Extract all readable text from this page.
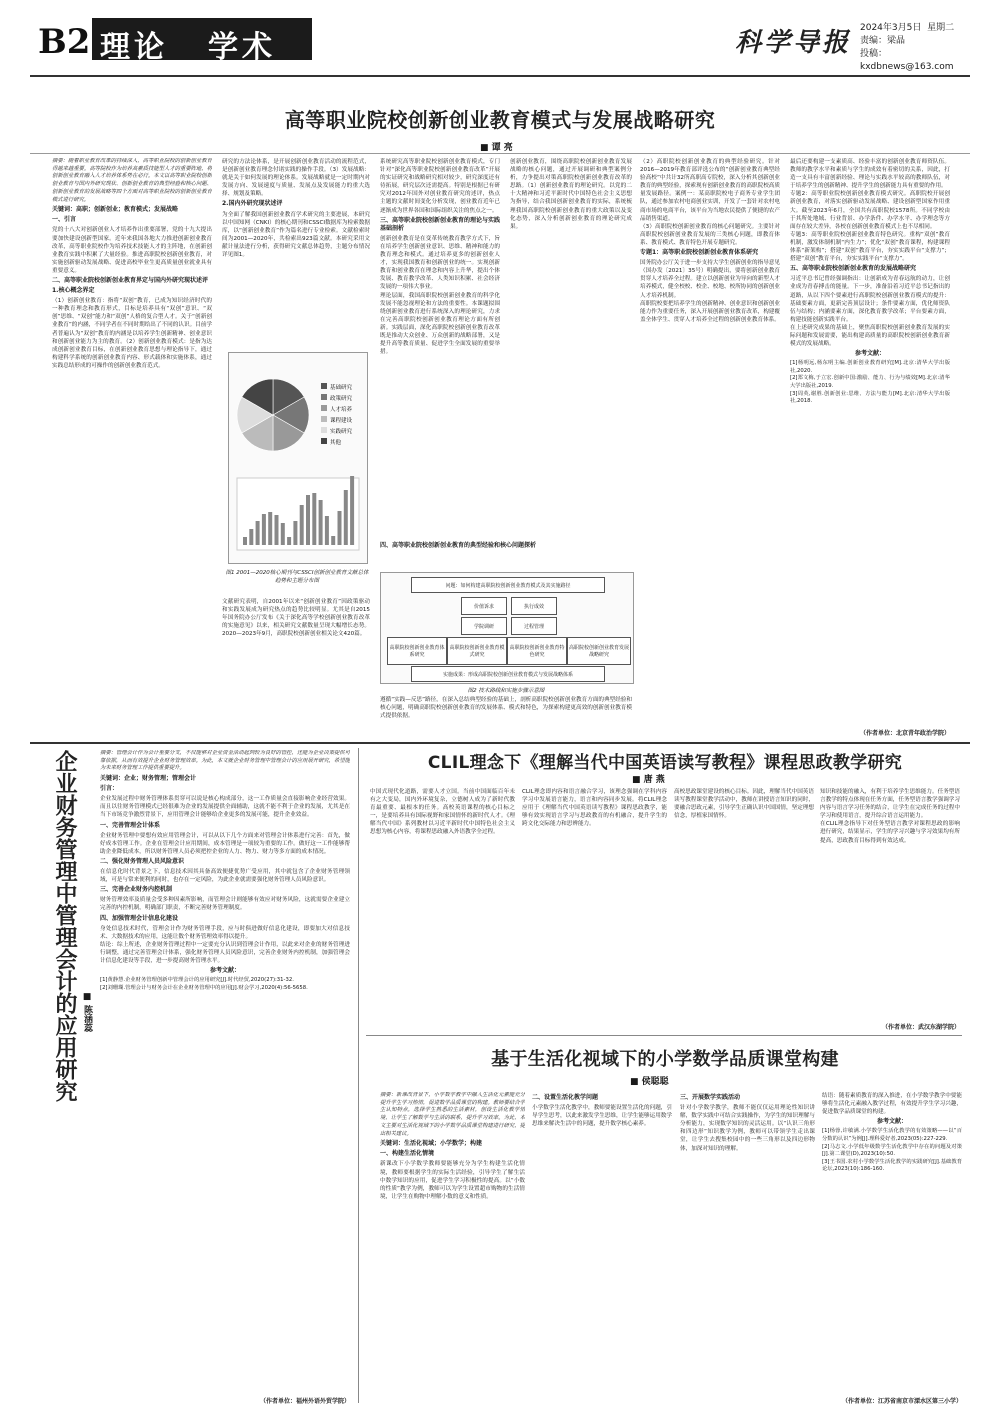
B2 理论 学术	科学导报 2024年3月5日 星期二
责编：梁晶
投稿：kxdbnews@163.com
高等职业院校创新创业教育模式与发展战略研究
■ 谭 亮
摘要：随着职业教育改革的持续深入，高等职业院校的创新创业教育得越来越重要。高等院校作为培养高素质技能型人才的重要阵地，将创新创业教育融入人才培养体系势在必行。本文以高等职业院校创新创业教育与国内外研究现状、创新创业教育的典型经验和核心问题、创新创业教育的发展战略等四个方面对高等职业院校的创新创业教育模式进行研究。
关键词：高职；创新创业；教育模式；发展战略
一、引言
党的十八大对创新创业人才培养作出重要部署，党的十九大提出要加快建设创新型国家。近年来我国各地大力推进创新创业教育改革，高等职业院校作为培养技术技能人才的主阵地，在创新创业教育实践中积累了大量经验。推进高职院校创新创业教育，对实施创新驱动发展战略、促进高校毕业生更高质量创业就业具有重要意义。
二、高等职业院校创新创业教育界定与国内外研究现状述评
1.核心概念界定
（1）创新创业教育：指将“双创”教育，已成为知识经济时代的一种教育理念和教育形式，目标是培养具有“双创”意识、“双创”思维、“双创”能力和“双创”人格的复合型人才。关于“创新创业教育”的内涵，不同学者在不同时期给出了不同的认识。目前学者普遍认为“双创”教育的内涵是以培养学生创新精神、创业意识和创新创业能力为主的教育。（2）创新创业教育模式：是指为达成创新创业教育目标，在创新创业教育思想与理论指导下，通过构建科学系统的创新创业教育内容、形式载体和实施体系，通过实践总结形成的可操作的创新创业教育范式。
研究的方法论体系，是开展创新创业教育活动的流程范式，是创新创业教育理念付诸实践的操作手段。（3）发展战略：就是关于如何发展的理论体系。发展战略就是一定时期内对发展方向、发展速度与质量、发展点及发展能力的重大选择、规划及策略。
2.国内外研究现状述评
为全面了解我国创新创业教育学术研究的主要进展，本研究以中国知网（CNKI）的核心期刊和CSSCI数据库为检索数据库，以“创新创业教育”作为篇名进行专业检索。文献检索时间为2001—2020年，共检索出923篇文献。本研究采用文献计量法进行分析，获得研究文献总体趋势，主题分布情况详见图1。
基础研究
政策研究
人才培养
课程建设
实践研究
其他
图1 2001—2020核心期刊与CSSCI创新创业教育文献总体趋势和主题分布图
文献研究表明，自2001年以来“创新创业教育”因政策驱动和实践发展成为研究热点的趋势比较明显。尤其是自2015年国务院办公厅发布《关于深化高等学校创新创业教育改革的实施意见》以来，相关研究文献数量呈现大幅增长态势。2020—2023年9月，高职院校创新创业相关论文420篇。
系统研究高等职业院校创新创业教育模式，专门针对“深化高等职业院校创新创业教育改革”开展的实证研究和战略研究相对较少，研究深度还有待拓展，研究层次还需提高。特别是根据已有研究对2012年国外对创业教育研究的述评，热点主题的文献时间变化分析发现，创业教育近年已逐渐成为世界各国和国际组织关注的焦点之一。
三、高等职业院校创新创业教育的理论与实践基础剖析
创新创业教育是在变革传统教育教学方式下，旨在培养学生创新创业意识、思维、精神和能力的教育理念和模式。通过培养更多的创新创业人才，实现我国教育和创新创业的统一。实现创新教育和创业教育在理念和内容上升华，提出个体发展、教育教学改革、人类知识积累、社会经济发展的一项伟大事业。
理论层面，我国高职院校创新创业教育的科学化发展不能忽视理论和方法的重要性。本课题拟围绕创新创业教育进行系统深入的理论研究，力求在完善高职院校创新创业教育理论方面有所创新。实践层面，深化高职院校创新创业教育改革既是推动大众创业、万众创新的战略部署，又是提升高等教育质量、促进学生全面发展的重要举措。
创新创业教育，围绕高职院校创新创业教育发展战略的核心问题，通过开展调研和典型案例分析，力争提出对策高职院校创新创业教育改革的思路。（1）创新创业教育的理论研究。以党的二十大精神和习近平新时代中国特色社会主义思想为指导，结合我国创新创业教育的实际，系统梳理我国高职院校创新创业教育的重大政策以及变化态势，深入分析创新创业教育的理论研究成果。
四、高等职业院校创新创业教育的典型经验和核心问题探析
问题：如何构建高职院校创新创业教育模式及其实施路径
价值诉求	执行成效
学院调研	过程管理
高职院校创新创业教育体系研究
高职院校创新创业教育模式研究
高职院校创新创业教育特色研究
高职院校创新创业教育发展战略研究
实施成果：形成高职院校创新创业教育模式与发展战略体系
图2 技术路线和实施步骤示意图
遵循“实践—反思”路径，在深入总结典型经验的基础上，剖析高职院校创新创业教育方面的典型经验和核心问题，明确高职院校创新创业教育的发展体系、模式和特色，为探索构建更高效的创新创业教育模式提供依据。
（2）高职院校创新创业教育的典型经验研究。针对2016—2019年教育部评选公布的“创新创业教育典型经验高校”中共计32所高职高专院校，深入分析其创新创业教育的典型经验，探索现有创新创业教育的高职院校高质量发展路径。案例一：某高职院校电子商务专业学生团队，通过参加农村电商创业实训，开发了一套针对农村电商市场的电商平台，该平台为当地农民提供了便捷的农产品销售渠道。
（3）高职院校创新创业教育的核心问题研究。主要针对高职院校创新创业教育发展的三类核心问题，即教育体系、教育模式、教育特色开展专题研究。
专题1：高等职业院校创新创业教育体系研究
国务院办公厅关于进一步支持大学生创新创业的指导意见（国办发〔2021〕35号）明确提出，要将创新创业教育贯穿人才培养全过程。建立以创新创业为导向的新型人才培养模式，健全校校、校企、校地、校所协同的创新创业人才培养机制。
高职院校要把培养学生的创新精神、创业意识和创新创业能力作为重要任务，深入开展创新创业教育改革，构建覆盖全体学生、贯穿人才培养全过程的创新创业教育体系。
最后还要构建一支素质高、经验丰富的创新创业教育师资队伍。教师的教学水平和素质与学生的成效有着密切的关系，因此，打造一支具有丰富创新经验、理论与实践水平较高的教师队伍，对于培养学生的创新精神、提升学生的创新能力具有重要的作用。
专题2：高等职业院校创新创业教育模式研究。高职院校开展创新创业教育，对落实创新驱动发展战略、建设创新型国家作用重大。截至2023年6月，全国共有高职院校1578所。不同学校由于其所处地域、行业背景、办学条件、办学水平、办学理念等方面存在较大差异，各校在创新创业教育模式上也不尽相同。
专题3：高等职业院校创新创业教育特色研究。重构“双创”教育机制，激发体制机制“内生力”；优化“双创”教育课程，构建课程体系“新架构”；搭建“双创”教育平台，夯实实践平台“支撑力”；搭建“双创”教育平台，夯实实践平台“支撑力”。
五、高等职业院校创新创业教育的发展战略研究
习近平总书记曾经强调指出：让创新成为青春远航的动力，让创业成为青春搏击的能量。下一步，准备沿着习近平总书记指出的道路，从以下四个要素进行高职院校创新创业教育模式的提升：基础要素方面，更新完善顶层设计；条件要素方面，优化师资队伍与结构；内涵要素方面，深化教育教学改革；平台要素方面，构建技能创新实践平台。
在上述研究成果的基础上，聚焦高职院校创新创业教育发展的实际问题和发展需要，能出构建高质量的高职院校创新创业教育新模式的发展战略。
参考文献：
[1]杨明远,杨东明主编.创新创业教育研究[M].北京:清华大学出版社,2020.
[2]郑文梅,于立宏.创新中国:激励、能力、行为与绩效[M].北京:清华大学出版社,2019.
[3]周英,谢胜.创新创业:思维、方法与能力[M].北京:清华大学出版社,2018.
（作者单位：北京青年政治学院）
企业财务管理中管理会计的应用研究 ■ 陈涵蕊
摘要：管理会计作为会计重要分支，不仅能够对企业资金活动起到较为良好的管控，还能为企业决策提供可靠依据，从而有效提升企业财务管理效率。为此，本文就企业财务管理中管理会计的应用展开研究，希望能为未来财务管理工作提供重要提升。
关键词：企业；财务管理；管理会计
引言：
企业发展过程中财务管理体系贯穿可以说是核心构成部分，这一工作质量会直接影响企业经营效果。而且以往财务管理模式已经很难为企业的发展提供全面辅助，这就不能不利于企业的发展，尤其是在当下市场竞争激烈背景下，应用管理会计能够给企业更多的发展可能，提升企业效益。
一、完善管理会计体系
企业财务管理中要想有效应用管理会计，可以从以下几个方面来对管理会计体系进行完善：首先，做好成本管理工作。企业在管理会计应用期间，成本管理是一项较为重要的工作。做好这一工作能够帮助企业降低成本，所以财务管理人员必须把控企业的人力、物力、财力等多方面的成本情况。
二、强化财务管理人员风险意识
在信息化时代背景之下，信息技术因其具备高效便捷优势广受应用，其中就包含了企业财务管理领域，可是与常来便利的同时，也存在一定风险，为此企业就需要强化财务管理人员风险意识。
三、完善企业财务内控机制
财务管理效率及质量会受多种因素所影响，而管理会计则能够有效应对财务风险，这就需要企业建立完善的内控机制，明确部门职责，不断完善财务管理制度。
四、加强管理会计信息化建设
身处信息技术时代，管理会计作为财务管理手段，应与时俱进做好信息化建设，即要加大对信息技术、大数据技术的应用，这能让数个财务管理效率得以提升。
结论：综上所述，企业财务管理过程中一定要充分认识到管理会计作用，以此来对企业的财务管理进行调整，通过完善管理会计体系，强化财务管理人员风险意识，完善企业财务内控机制，加强管理会计信息化建设等手段，进一步提高财务管理水平。
参考文献：
[1]黄静慧.企业财务管理创新中管理会计的应用研究[J].时代经贸,2020(27):31-32.
[2]刘珊瑚.管理会计与财务会计在企业财务管理中的应用[J].财会学习,2020(4):56-5658.
（作者单位：福州外语外贸学院）
CLIL理念下《理解当代中国英语读写教程》课程思政教学研究
■ 唐 燕
中国式现代化道路，需要人才立国。当前中国面临百年未有之大变局，国内外环境复杂，立德树人成为了新时代教育最重要、最根本的任务。高校英语课程的核心目标之一，是要培养具有国际视野和家国情怀的新时代人才。《理解当代中国》系列教材以习近平新时代中国特色社会主义思想为核心内容，将课程思政融入外语教学全过程。
CLIL理念即内容和语言融合学习，该理念强调在学科内容学习中发展语言能力，语言和内容同步发展。将CLIL理念应用于《理解当代中国英语读写教程》课程思政教学，能够有效实现语言学习与思政教育的有机融合，提升学生的跨文化交际能力和思辨能力。
高校思政课堂建设的核心目标。因此，理解当代中国英语读写教程课堂教学活动中，教师在讲授语言知识的同时，要融合思政元素，引导学生正确认识中国国情，坚定理想信念，厚植家国情怀。
知识和技能的融入，有利于培养学生思维能力。任务型语言教学的特点体现在任务方面，任务型语言教学强调学习内容与语言学习任务的结合，让学生在完成任务的过程中学习和使用语言，提升综合语言运用能力。
在CLIL理念指导下对任务型语言教学对课程思政的影响进行研究，结果显示，学生的学习兴趣与学习效果均有所提高，思政教育目标得到有效达成。
（作者单位：武汉东湖学院）
基于生活化视域下的小学数学品质课堂构建
■ 侯聪聪
摘要：新课改背景下，小学数学教学中融入生活化元素能充分提升学生学习热情，促进数学品质课堂的构建。教师要结合学生认知特点，选择学生熟悉的生活素材，创设生活化教学情境，让学生了解数学与生活的联系，提升学习效率。为此，本文主要对生活化视域下的小学数学品质课堂构建进行研究，提出相关建议。
关键词：生活化视域；小学数学；构建
一、构建生活化情境
新课改下小学数学教师要能够充分为学生构建生活化情境，教师要根据学生的实际生活经验，引导学生了解生活中数学知识的应用，促进学生学习积极性的提高。以“小数的性质”教学为例，教师可以为学生设置超市购物的生活情境，让学生在购物中理解小数的意义和性质。
二、设置生活化教学问题
小学数学生活化教学中，教师要能设置生活化的问题，引导学生思考，以此来激发学生思维，让学生能够运用数学思维来解决生活中的问题，提升数学核心素养。
三、开展数学实践活动
针对小学数学教学，教师不能仅仅运用理论性知识讲解，数学实践中可结合实践操作，为学生的知识理解与分析能力，实现数学知识的灵活运用。以“认识三角形和四边形”知识教学为例，教师可以带领学生走出课堂，让学生去搜集校园中的一些三角形以及四边形物体，加深对知识的理解。
结语：随着素质教育的深入推进，在小学数学教学中要能够将生活化元素融入教学过程，有效提升学生学习兴趣，促进数学品质课堂的构建。
参考文献：
[1]杨蓉,许敏满.小学数学生活化教学的有效策略——以“百分数的认识”为例[J].理科爱好者,2023(05):227-229.
[2]马志文.小学低年级数学生活化教学中存在的问题及对策[J].第二课堂(D),2023(10):50.
[3]王书国.农村小学数学生活化教学的实践研究[J].基础教育论坛,2023(10):186-160.
（作者单位：江苏省南京市溧水区第三小学）
